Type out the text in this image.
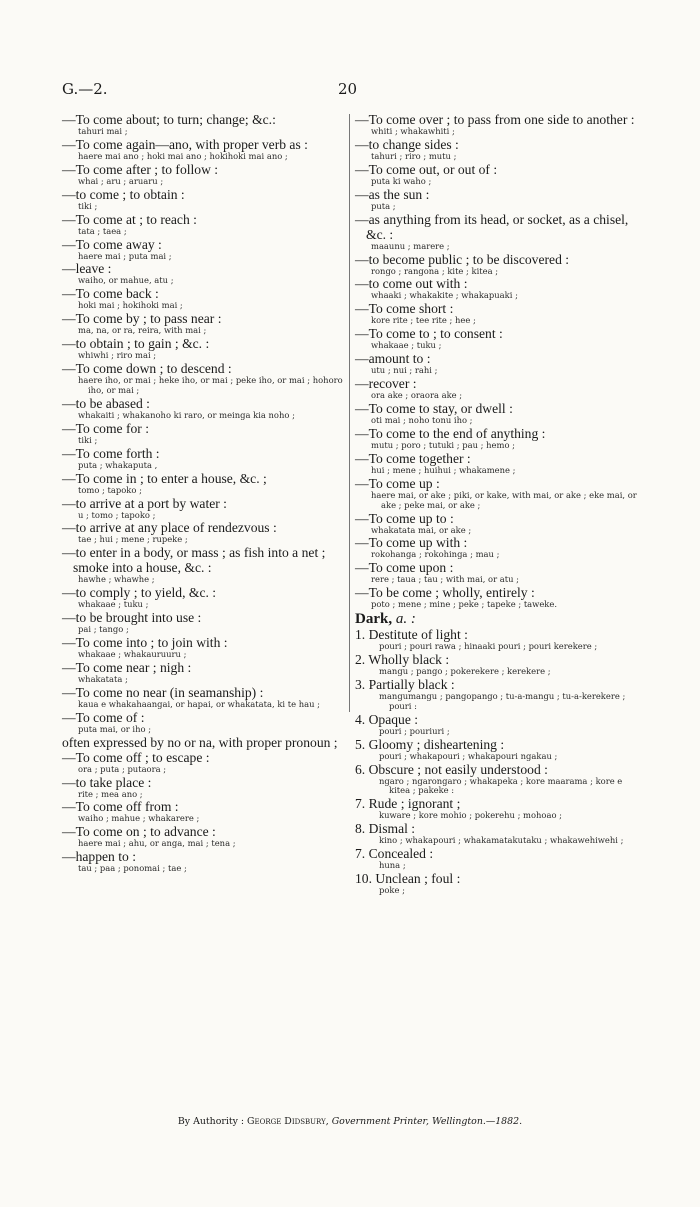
G.—2.	20
—To come about; to turn; change; &c.:
tahuri mai ;
—To come again—ano, with proper verb as :
haere mai ano ; hoki mai ano ; hokihoki mai ano ;
—To come after ; to follow :
whai ; aru ; aruaru ;
—to come ; to obtain :
tiki ;
—To come at ; to reach :
tata ; taea ;
—To come away :
haere mai ; puta mai ;
—leave :
waiho, or mahue, atu ;
—To come back :
hoki mai ; hokihoki mai ;
—To come by ; to pass near :
ma, na, or ra, reira, with mai ;
—to obtain ; to gain ; &c. :
whiwhi ; riro mai ;
—To come down ; to descend :
haere iho, or mai ; heke iho, or mai ; peke iho, or mai ; hohoro iho, or mai ;
—to be abased :
whakaiti ; whakanoho ki raro, or meinga kia noho ;
—To come for :
tiki ;
—To come forth :
puta ; whakaputa ,
—To come in ; to enter a house, &c. ;
tomo ; tapoko ;
—to arrive at a port by water :
u ; tomo ; tapoko ;
—to arrive at any place of rendezvous :
tae ; hui ; mene ; rupeke ;
—to enter in a body, or mass ; as fish into a net ; smoke into a house, &c. :
hawhe ; whawhe ;
—to comply ; to yield, &c. :
whakaae ; tuku ;
—to be brought into use :
pai ; tango ;
—To come into ; to join with :
whakaae ; whakauruuru ;
—To come near ; nigh :
whakatata ;
—To come no near (in seamanship) :
kaua e whakahaangai, or hapai, or whakatata, ki te hau ;
—To come of :
puta mai, or iho ;
often expressed by no or na, with proper pronoun ;
—To come off ; to escape :
ora ; puta ; putaora ;
—to take place :
rite ; mea ano ;
—To come off from :
waiho ; mahue ; whakarere ;
—To come on ; to advance :
haere mai ; ahu, or anga, mai ; tena ;
—happen to :
tau ; paa ; ponomai ; tae ;
—To come over ; to pass from one side to another :
whiti ; whakawhiti ;
—to change sides :
tahuri ; riro ; mutu ;
—To come out, or out of :
puta ki waho ;
—as the sun :
puta ;
—as anything from its head, or socket, as a chisel, &c. :
maaunu ; marere ;
—to become public ; to be discovered :
rongo ; rangona ; kite ; kitea ;
—to come out with :
whaaki ; whakakite ; whakapuaki ;
—To come short :
kore rite ; tee rite ; hee ;
—To come to ; to consent :
whakaae ; tuku ;
—amount to :
utu ; nui ; rahi ;
—recover :
ora ake ; oraora ake ;
—To come to stay, or dwell :
oti mai ; noho tonu iho ;
—To come to the end of anything :
mutu ; poro ; tutuki ; pau ; hemo ;
—To come together :
hui ; mene ; huihui ; whakamene ;
—To come up :
haere mai, or ake ; piki, or kake, with mai, or ake ; eke mai, or ake ; peke mai, or ake ;
—To come up to :
whakatata mai, or ake ;
—To come up with :
rokohanga ; rokohinga ; mau ;
—To come upon :
rere ; taua ; tau ; with mai, or atu ;
—To be come ; wholly, entirely :
poto ; mene ; mine ; peke ; tapeke ; taweke.
Dark, a. :
1. Destitute of light :
pouri ; pouri rawa ; hinaaki pouri ; pouri kerekere ;
2. Wholly black :
mangu ; pango ; pokerekere ; kerekere ;
3. Partially black :
mangumangu ; pangopango ; tu-a-mangu ; tu-a-kerekere ; pouri :
4. Opaque :
pouri ; pouriuri ;
5. Gloomy ; disheartening :
pouri ; whakapouri ; whakapouri ngakau ;
6. Obscure ; not easily understood :
ngaro ; ngarongaro ; whakapeka ; kore maarama ; kore e kitea ; pakeke :
7. Rude ; ignorant ;
kuware ; kore mohio ; pokerehu ; mohoao ;
8. Dismal :
kino ; whakapouri ; whakamatakutaku ; whakawehiwehi ;
7. Concealed :
huna ;
10. Unclean ; foul :
poke ;
By Authority : George Didsbury, Government Printer, Wellington.—1882.
